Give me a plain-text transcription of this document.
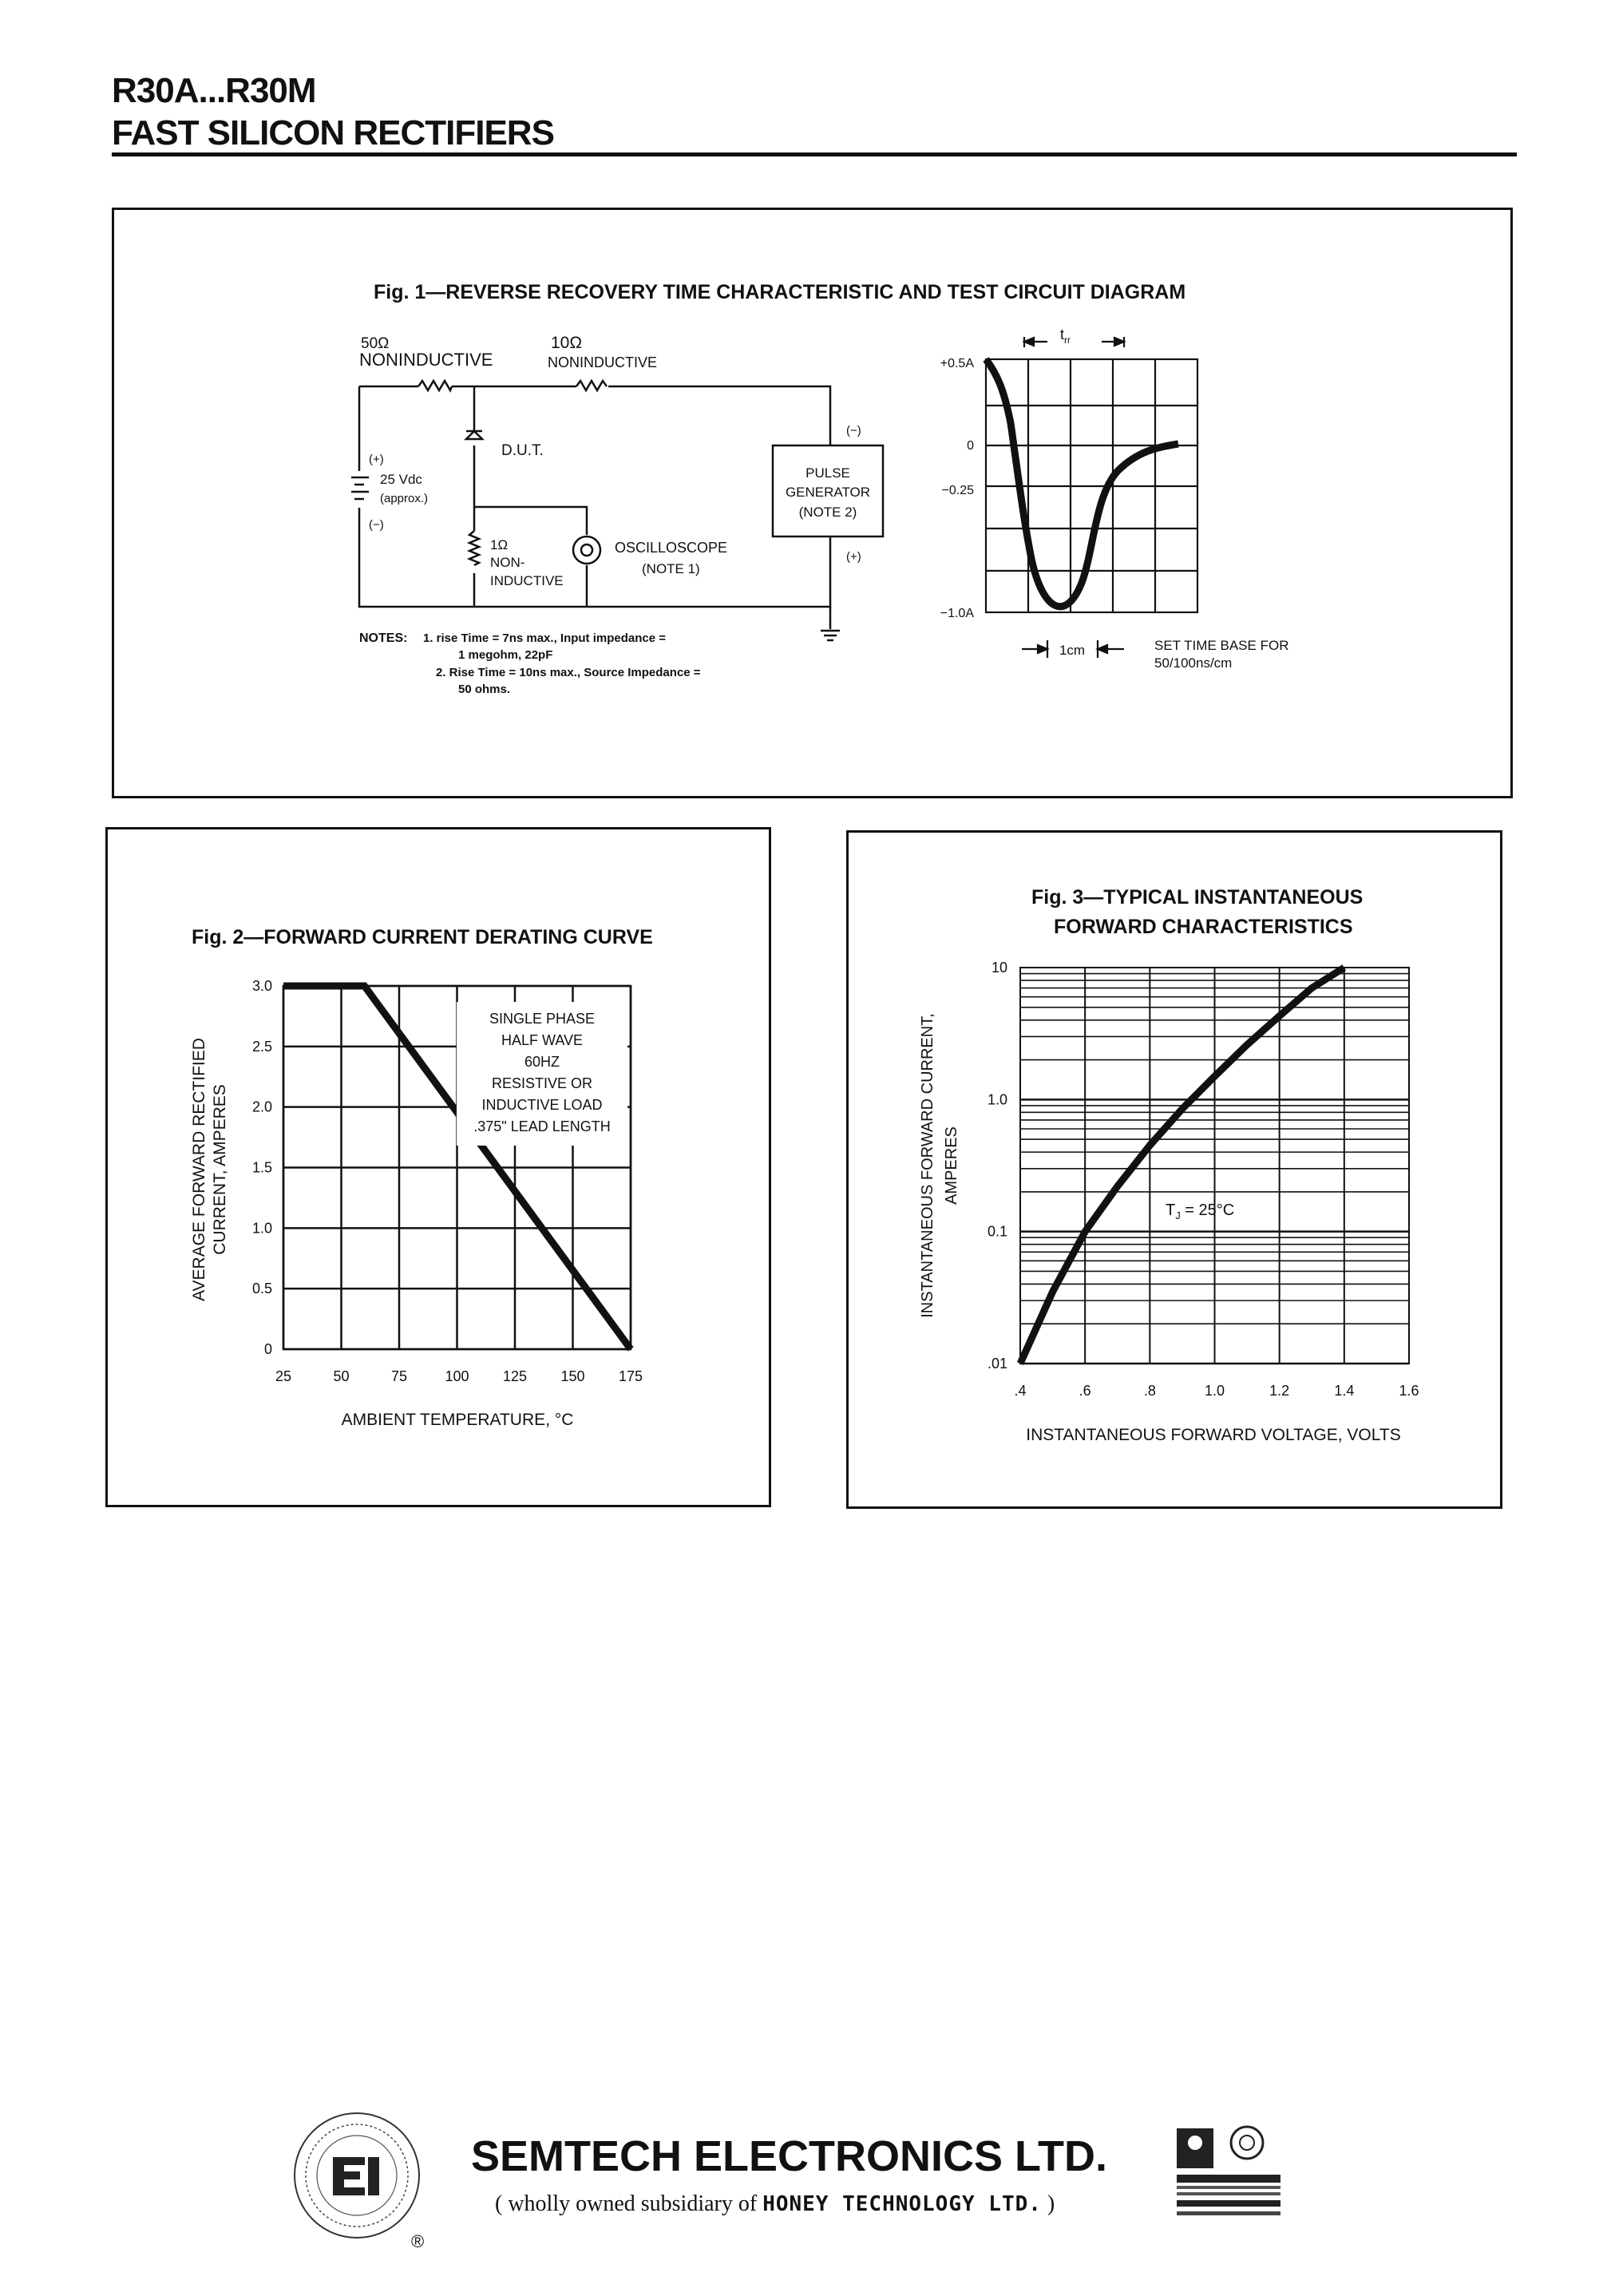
R30A...R30M
FAST SILICON RECTIFIERS
Fig. 1—REVERSE RECOVERY TIME CHARACTERISTIC AND TEST CIRCUIT DIAGRAM
50Ω
NONINDUCTIVE
10Ω
NONINDUCTIVE
D.U.T.
(+)
25 Vdc
(approx.)
(−)
1Ω
NON-
INDUCTIVE
OSCILLOSCOPE
(NOTE 1)
PULSE
GENERATOR
(NOTE 2)
(−)
(+)
NOTES: 1. rise Time = 7ns max., Input impedance =
1 megohm, 22pF
2. Rise Time = 10ns max., Source Impedance =
50 ohms.
$t_{rr}$
+0.5A
0
−0.25
−1.0A
1cm	SET TIME BASE FOR
50/100ns/cm
Fig. 2—FORWARD CURRENT DERATING CURVE
25	50	75	100 125 150 175
0
0.5
1.0
1.5
2.0
2.5
3.0
SINGLE PHASE
HALF WAVE
60HZ
RESISTIVE OR
INDUCTIVE LOAD
.375" LEAD LENGTH
AVERAGE FORWARD RECTIFIED CURRENT, AMPERES
AMBIENT TEMPERATURE, °C
Fig. 3—TYPICAL INSTANTANEOUS
FORWARD CHARACTERISTICS
.4	.6	.8	1.0	1.2	1.4	1.6
.01
0.1
1.0
10
$T_J = 25^\circ C$
INSTANTANEOUS FORWARD CURRENT, AMPERES
INSTANTANEOUS FORWARD VOLTAGE, VOLTS
®
SEMTECH ELECTRONICS LTD.
( wholly owned subsidiary of HONEY TECHNOLOGY LTD. )
